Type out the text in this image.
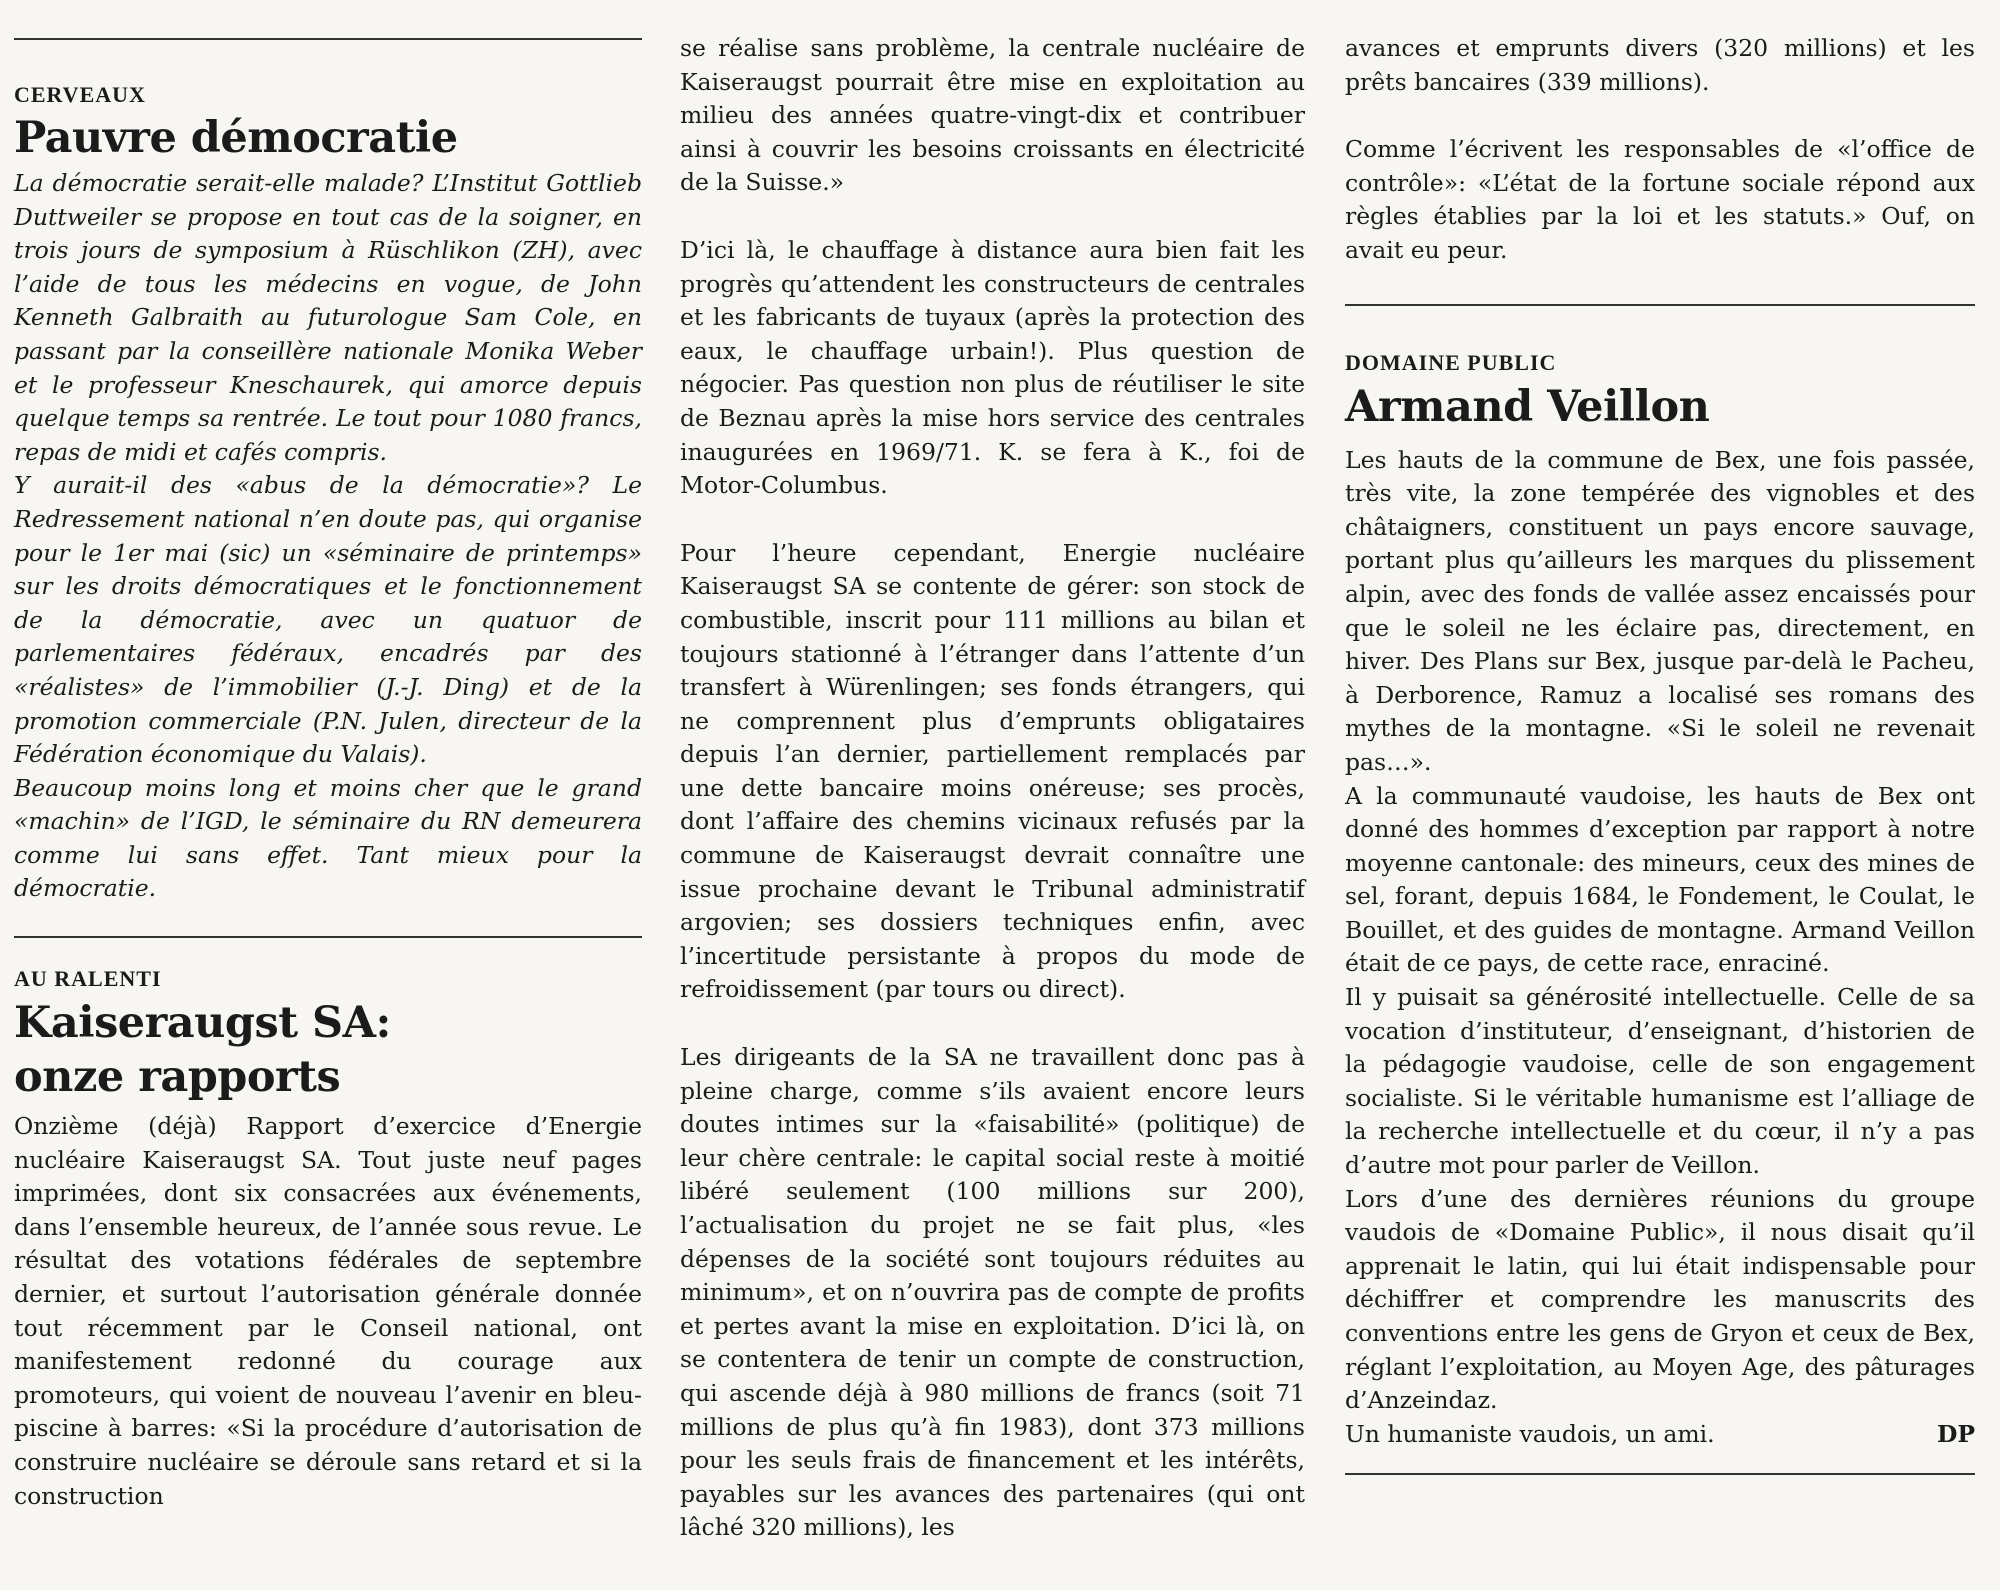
CERVEAUX

Pauvre démocratie

La démocratie serait-elle malade? L’Institut Gottlieb Duttweiler se propose en tout cas de la soigner, en trois jours de symposium à Rüschlikon (ZH), avec l’aide de tous les médecins en vogue, de John Kenneth Galbraith au futurologue Sam Cole, en passant par la conseillère nationale Monika Weber et le professeur Kneschaurek, qui amorce depuis quelque temps sa rentrée. Le tout pour 1080 francs, repas de midi et cafés compris.

Y aurait-il des «abus de la démocratie»? Le Redressement national n’en doute pas, qui organise pour le 1er mai (sic) un «séminaire de printemps» sur les droits démocratiques et le fonctionnement de la démocratie, avec un quatuor de parlementaires fédéraux, encadrés par des «réalistes» de l’immobilier (J.-J. Ding) et de la promotion commerciale (P.N. Julen, directeur de la Fédération économique du Valais).

Beaucoup moins long et moins cher que le grand «machin» de l’IGD, le séminaire du RN demeurera comme lui sans effet. Tant mieux pour la démocratie.

AU RALENTI

Kaiseraugst SA:
onze rapports

Onzième (déjà) Rapport d’exercice d’Energie nucléaire Kaiseraugst SA. Tout juste neuf pages imprimées, dont six consacrées aux événements, dans l’ensemble heureux, de l’année sous revue. Le résultat des votations fédérales de septembre dernier, et surtout l’autorisation générale donnée tout récemment par le Conseil national, ont manifestement redonné du courage aux promoteurs, qui voient de nouveau l’avenir en bleu-piscine à barres: «Si la procédure d’autorisation de construire nucléaire se déroule sans retard et si la construction

se réalise sans problème, la centrale nucléaire de Kaiseraugst pourrait être mise en exploitation au milieu des années quatre-vingt-dix et contribuer ainsi à couvrir les besoins croissants en électricité de la Suisse.»

D’ici là, le chauffage à distance aura bien fait les progrès qu’attendent les constructeurs de centrales et les fabricants de tuyaux (après la protection des eaux, le chauffage urbain!). Plus question de négocier. Pas question non plus de réutiliser le site de Beznau après la mise hors service des centrales inaugurées en 1969/71. K. se fera à K., foi de Motor-Columbus.

Pour l’heure cependant, Energie nucléaire Kaiseraugst SA se contente de gérer: son stock de combustible, inscrit pour 111 millions au bilan et toujours stationné à l’étranger dans l’attente d’un transfert à Würenlingen; ses fonds étrangers, qui ne comprennent plus d’emprunts obligataires depuis l’an dernier, partiellement remplacés par une dette bancaire moins onéreuse; ses procès, dont l’affaire des chemins vicinaux refusés par la commune de Kaiseraugst devrait connaître une issue prochaine devant le Tribunal administratif argovien; ses dossiers techniques enfin, avec l’incertitude persistante à propos du mode de refroidissement (par tours ou direct).

Les dirigeants de la SA ne travaillent donc pas à pleine charge, comme s’ils avaient encore leurs doutes intimes sur la «faisabilité» (politique) de leur chère centrale: le capital social reste à moitié libéré seulement (100 millions sur 200), l’actualisation du projet ne se fait plus, «les dépenses de la société sont toujours réduites au minimum», et on n’ouvrira pas de compte de profits et pertes avant la mise en exploitation. D’ici là, on se contentera de tenir un compte de construction, qui ascende déjà à 980 millions de francs (soit 71 millions de plus qu’à fin 1983), dont 373 millions pour les seuls frais de financement et les intérêts, payables sur les avances des partenaires (qui ont lâché 320 millions), les

avances et emprunts divers (320 millions) et les prêts bancaires (339 millions).

Comme l’écrivent les responsables de «l’office de contrôle»: «L’état de la fortune sociale répond aux règles établies par la loi et les statuts.» Ouf, on avait eu peur.

DOMAINE PUBLIC

Armand Veillon

Les hauts de la commune de Bex, une fois passée, très vite, la zone tempérée des vignobles et des châtaigners, constituent un pays encore sauvage, portant plus qu’ailleurs les marques du plissement alpin, avec des fonds de vallée assez encaissés pour que le soleil ne les éclaire pas, directement, en hiver. Des Plans sur Bex, jusque par-delà le Pacheu, à Derborence, Ramuz a localisé ses romans des mythes de la montagne. «Si le soleil ne revenait pas…».

A la communauté vaudoise, les hauts de Bex ont donné des hommes d’exception par rapport à notre moyenne cantonale: des mineurs, ceux des mines de sel, forant, depuis 1684, le Fondement, le Coulat, le Bouillet, et des guides de montagne. Armand Veillon était de ce pays, de cette race, enraciné.

Il y puisait sa générosité intellectuelle. Celle de sa vocation d’instituteur, d’enseignant, d’historien de la pédagogie vaudoise, celle de son engagement socialiste. Si le véritable humanisme est l’alliage de la recherche intellectuelle et du cœur, il n’y a pas d’autre mot pour parler de Veillon.

Lors d’une des dernières réunions du groupe vaudois de «Domaine Public», il nous disait qu’il apprenait le latin, qui lui était indispensable pour déchiffrer et comprendre les manuscrits des conventions entre les gens de Gryon et ceux de Bex, réglant l’exploitation, au Moyen Age, des pâturages d’Anzeindaz.

Un humaniste vaudois, un ami.	DP
